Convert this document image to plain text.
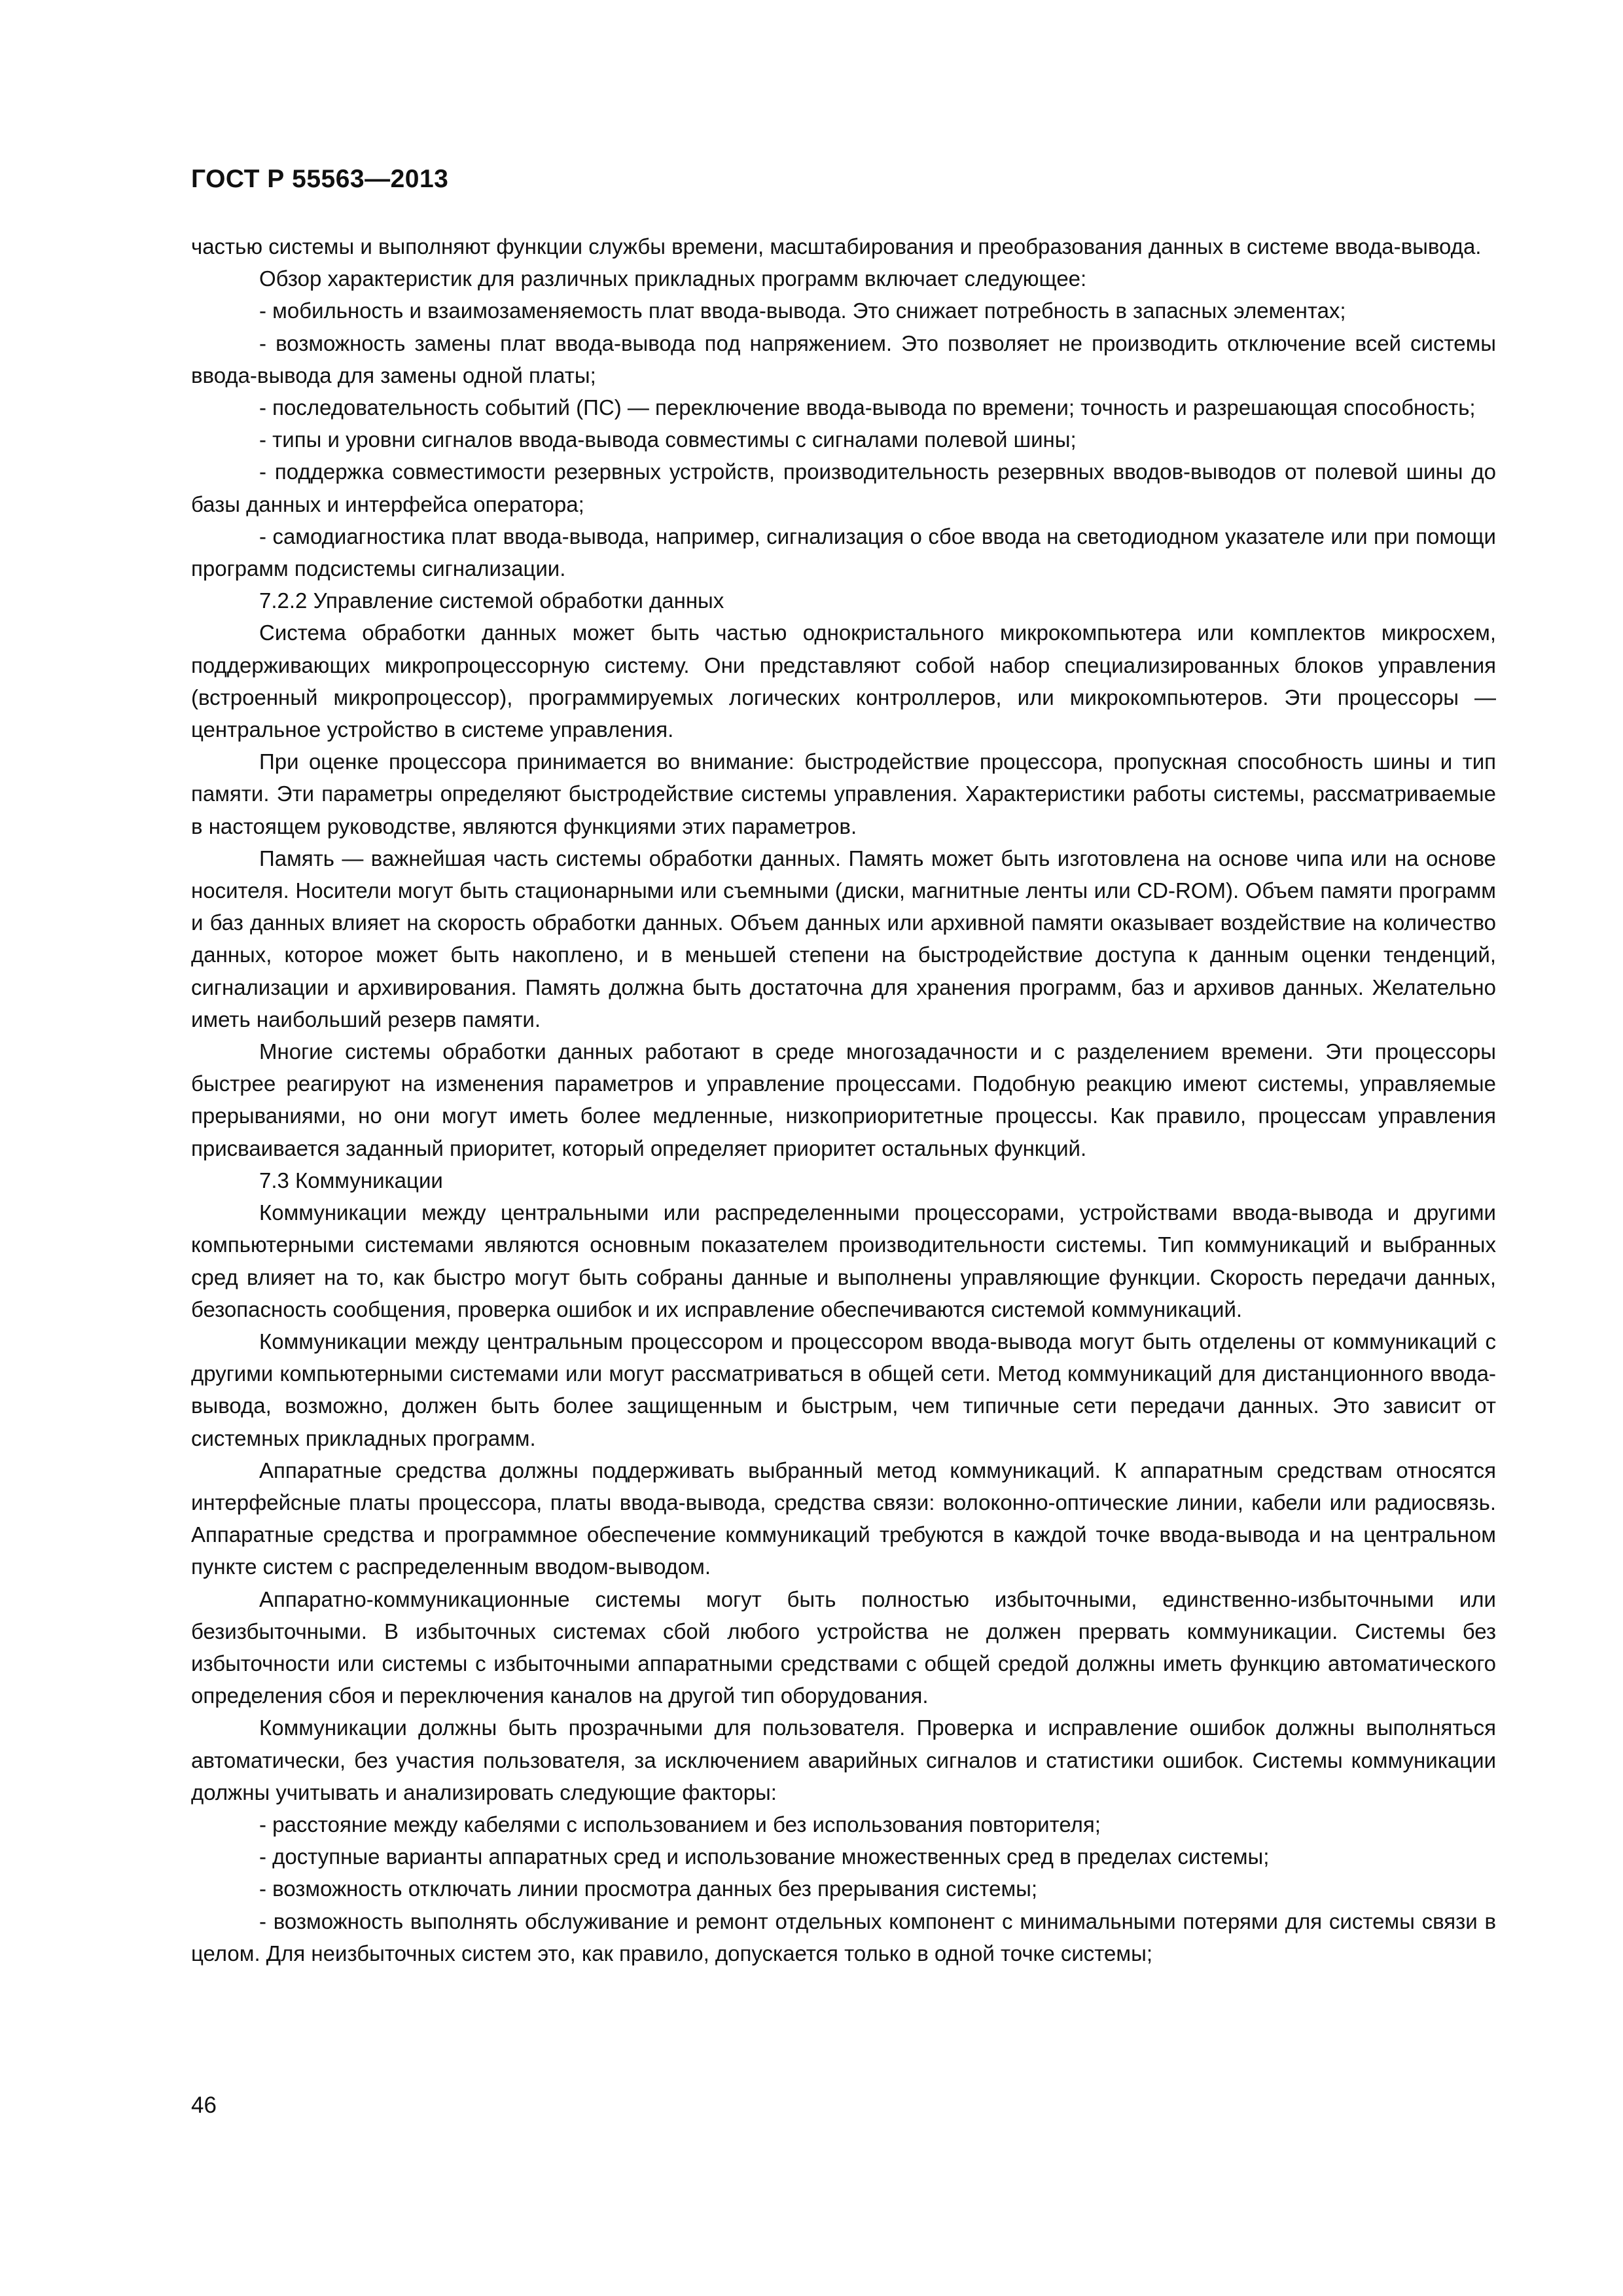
ГОСТ Р 55563—2013

частью системы и выполняют функции службы времени, масштабирования и преобразования данных в системе ввода-вывода.

Обзор характеристик для различных прикладных программ включает следующее:

- мобильность и взаимозаменяемость плат ввода-вывода. Это снижает потребность в запасных элементах;

- возможность замены плат ввода-вывода под напряжением. Это позволяет не производить отключение всей системы ввода-вывода для замены одной платы;

- последовательность событий (ПС) — переключение ввода-вывода по времени; точность и разрешающая способность;

- типы и уровни сигналов ввода-вывода совместимы с сигналами полевой шины;

- поддержка совместимости резервных устройств, производительность резервных вводов-выводов от полевой шины до базы данных и интерфейса оператора;

- самодиагностика плат ввода-вывода, например, сигнализация о сбое ввода на светодиодном указателе или при помощи программ подсистемы сигнализации.

7.2.2 Управление системой обработки данных

Система обработки данных может быть частью однокристального микрокомпьютера или комплектов микросхем, поддерживающих микропроцессорную систему. Они представляют собой набор специализированных блоков управления (встроенный микропроцессор), программируемых логических контроллеров, или микрокомпьютеров. Эти процессоры — центральное устройство в системе управления.

При оценке процессора принимается во внимание: быстродействие процессора, пропускная способность шины и тип памяти. Эти параметры определяют быстродействие системы управления. Характеристики работы системы, рассматриваемые в настоящем руководстве, являются функциями этих параметров.

Память — важнейшая часть системы обработки данных. Память может быть изготовлена на основе чипа или на основе носителя. Носители могут быть стационарными или съемными (диски, магнитные ленты или CD-ROM). Объем памяти программ и баз данных влияет на скорость обработки данных. Объем данных или архивной памяти оказывает воздействие на количество данных, которое может быть накоплено, и в меньшей степени на быстродействие доступа к данным оценки тенденций, сигнализации и архивирования. Память должна быть достаточна для хранения программ, баз и архивов данных. Желательно иметь наибольший резерв памяти.

Многие системы обработки данных работают в среде многозадачности и с разделением времени. Эти процессоры быстрее реагируют на изменения параметров и управление процессами. Подобную реакцию имеют системы, управляемые прерываниями, но они могут иметь более медленные, низкоприоритетные процессы. Как правило, процессам управления присваивается заданный приоритет, который определяет приоритет остальных функций.

7.3 Коммуникации

Коммуникации между центральными или распределенными процессорами, устройствами ввода-вывода и другими компьютерными системами являются основным показателем производительности системы. Тип коммуникаций и выбранных сред влияет на то, как быстро могут быть собраны данные и выполнены управляющие функции. Скорость передачи данных, безопасность сообщения, проверка ошибок и их исправление обеспечиваются системой коммуникаций.

Коммуникации между центральным процессором и процессором ввода-вывода могут быть отделены от коммуникаций с другими компьютерными системами или могут рассматриваться в общей сети. Метод коммуникаций для дистанционного ввода-вывода, возможно, должен быть более защищенным и быстрым, чем типичные сети передачи данных. Это зависит от системных прикладных программ.

Аппаратные средства должны поддерживать выбранный метод коммуникаций. К аппаратным средствам относятся интерфейсные платы процессора, платы ввода-вывода, средства связи: волоконно-оптические линии, кабели или радиосвязь. Аппаратные средства и программное обеспечение коммуникаций требуются в каждой точке ввода-вывода и на центральном пункте систем с распределенным вводом-выводом.

Аппаратно-коммуникационные системы могут быть полностью избыточными, единственно-избыточными или безизбыточными. В избыточных системах сбой любого устройства не должен прервать коммуникации. Системы без избыточности или системы с избыточными аппаратными средствами с общей средой должны иметь функцию автоматического определения сбоя и переключения каналов на другой тип оборудования.

Коммуникации должны быть прозрачными для пользователя. Проверка и исправление ошибок должны выполняться автоматически, без участия пользователя, за исключением аварийных сигналов и статистики ошибок. Системы коммуникации должны учитывать и анализировать следующие факторы:

- расстояние между кабелями с использованием и без использования повторителя;

- доступные варианты аппаратных сред и использование множественных сред в пределах системы;

- возможность отключать линии просмотра данных без прерывания системы;

- возможность выполнять обслуживание и ремонт отдельных компонент с минимальными потерями для системы связи в целом. Для неизбыточных систем это, как правило, допускается только в одной точке системы;

46
